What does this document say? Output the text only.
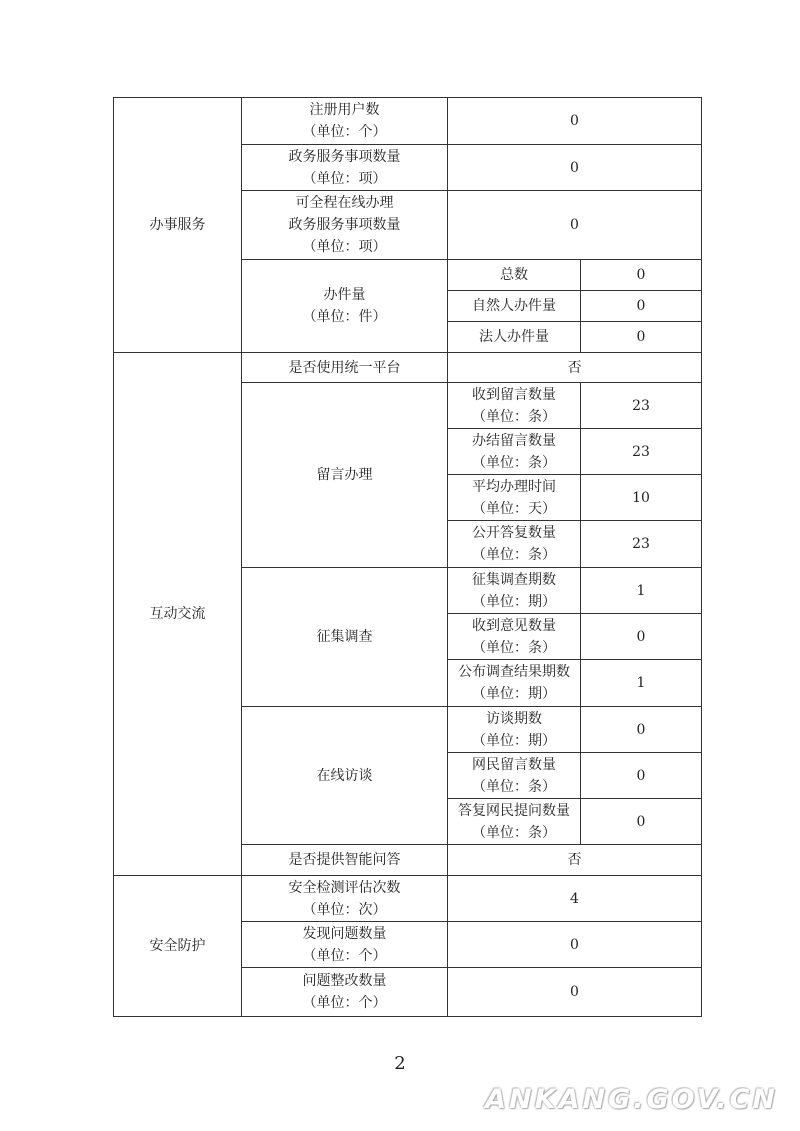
办事服务	注册用户数
（单位：个）	0	

	政务服务事项数量
（单位：项）	0	

	可全程在线办理
政务服务事项数量
（单位：项）	0	

	办件量
（单位：件）	总数	0
		自然人办件量	0
		法人办件量	0
互动交流	是否使用统一平台	否	
	留言办理	收到留言数量
（单位：条）	23

		办结留言数量
（单位：条）	23

		平均办理时间
（单位：天）	10

		公开答复数量
（单位：条）	23
	征集调查	征集调查期数
（单位：期）	1

		收到意见数量
（单位：条）	0

		公布调查结果期数
（单位：期）	1
	在线访谈	访谈期数
（单位：期）	0

		网民留言数量
（单位：条）	0

		答复网民提问数量
（单位：条）	0
	是否提供智能问答	否	
安全防护	安全检测评估次数
（单位：次）	4	

	发现问题数量
（单位：个）	0	

	问题整改数量
（单位：个）	0	
2
ANKANG.GOV.CN
